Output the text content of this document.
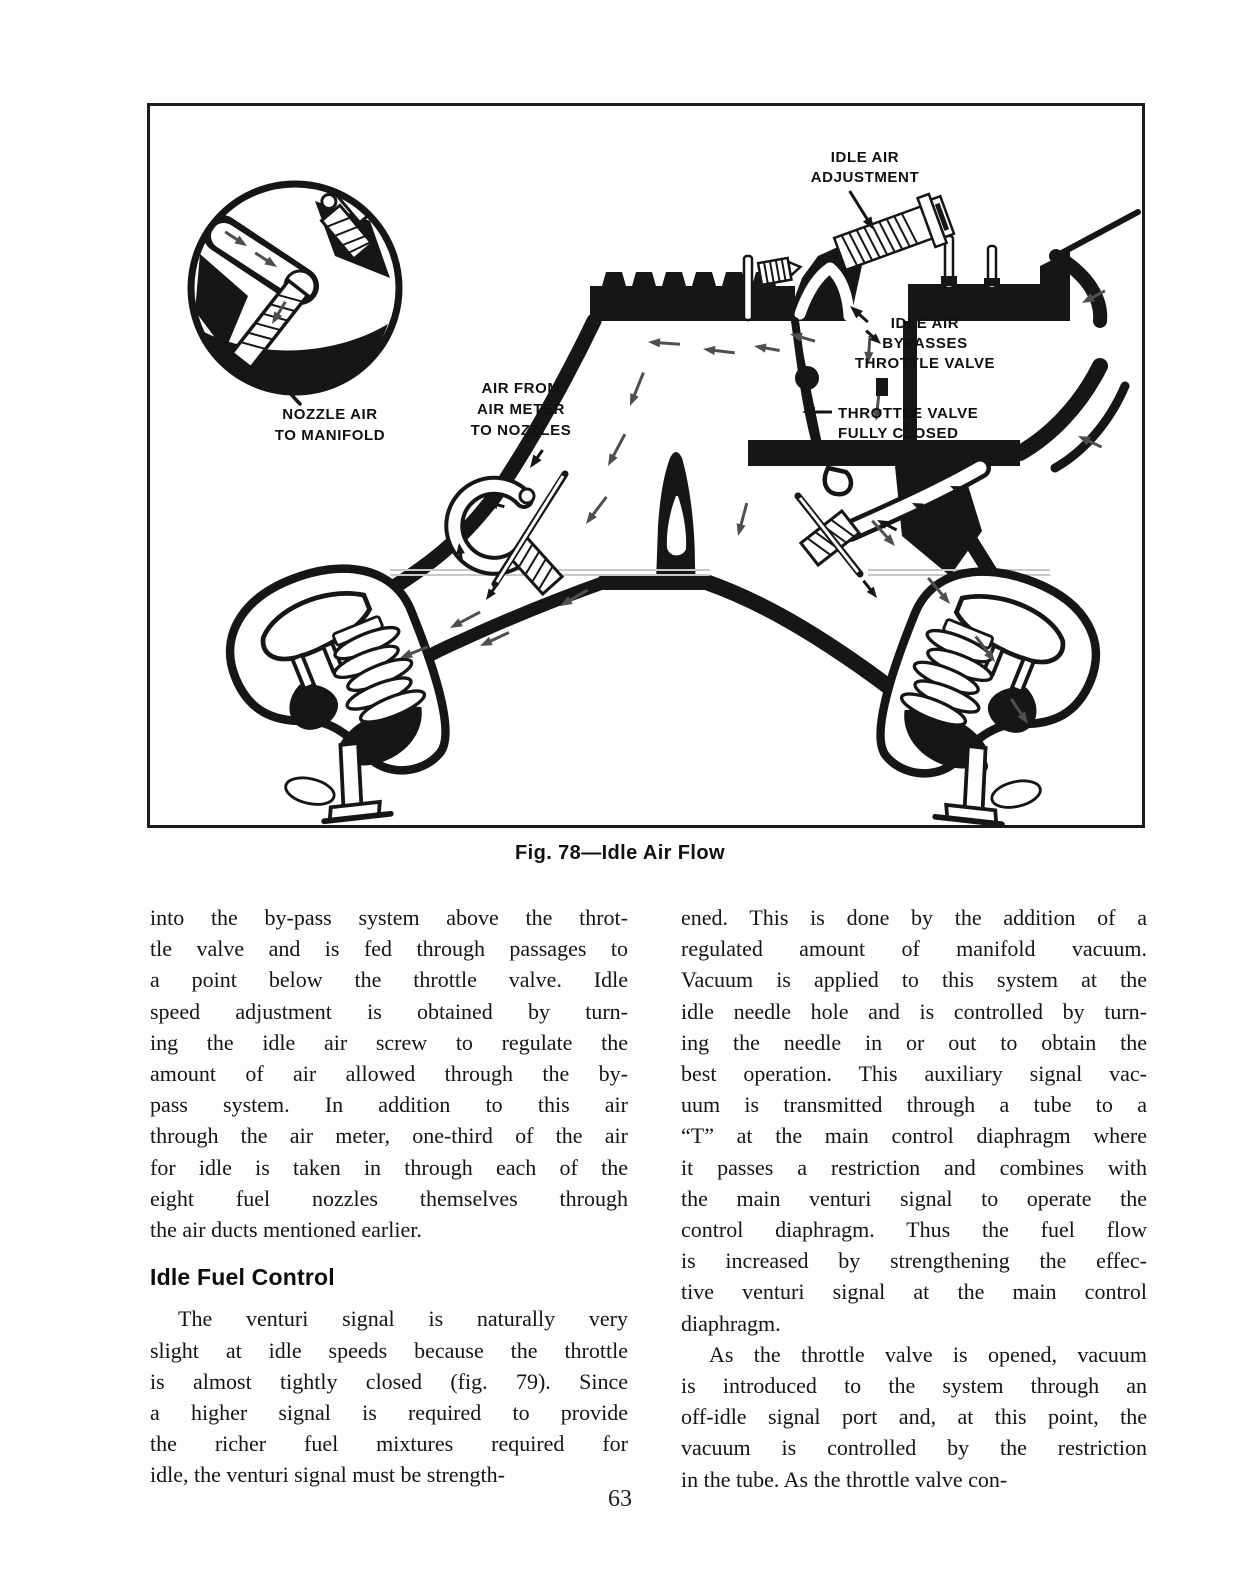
IDLE AIR
ADJUSTMENT
IDLE AIR
BYPASSES
THROTTLE VALVE
THROTTLE VALVE
FULLY CLOSED
NOZZLE AIR
TO MANIFOLD
AIR FROM
AIR METER
TO NOZZLES
Fig. 78—Idle Air Flow
into the by-pass system above the throt-
tle valve and is fed through passages to
a point below the throttle valve. Idle
speed adjustment is obtained by turn-
ing the idle air screw to regulate the
amount of air allowed through the by-
pass system. In addition to this air
through the air meter, one-third of the air
for idle is taken in through each of the
eight fuel nozzles themselves through
the air ducts mentioned earlier.
Idle Fuel Control
The venturi signal is naturally very
slight at idle speeds because the throttle
is almost tightly closed (fig. 79). Since
a higher signal is required to provide
the richer fuel mixtures required for
idle, the venturi signal must be strength-
ened. This is done by the addition of a
regulated amount of manifold vacuum.
Vacuum is applied to this system at the
idle needle hole and is controlled by turn-
ing the needle in or out to obtain the
best operation. This auxiliary signal vac-
uum is transmitted through a tube to a
“T” at the main control diaphragm where
it passes a restriction and combines with
the main venturi signal to operate the
control diaphragm. Thus the fuel flow
is increased by strengthening the effec-
tive venturi signal at the main control
diaphragm.
As the throttle valve is opened, vacuum
is introduced to the system through an
off-idle signal port and, at this point, the
vacuum is controlled by the restriction
in the tube. As the throttle valve con-
63
